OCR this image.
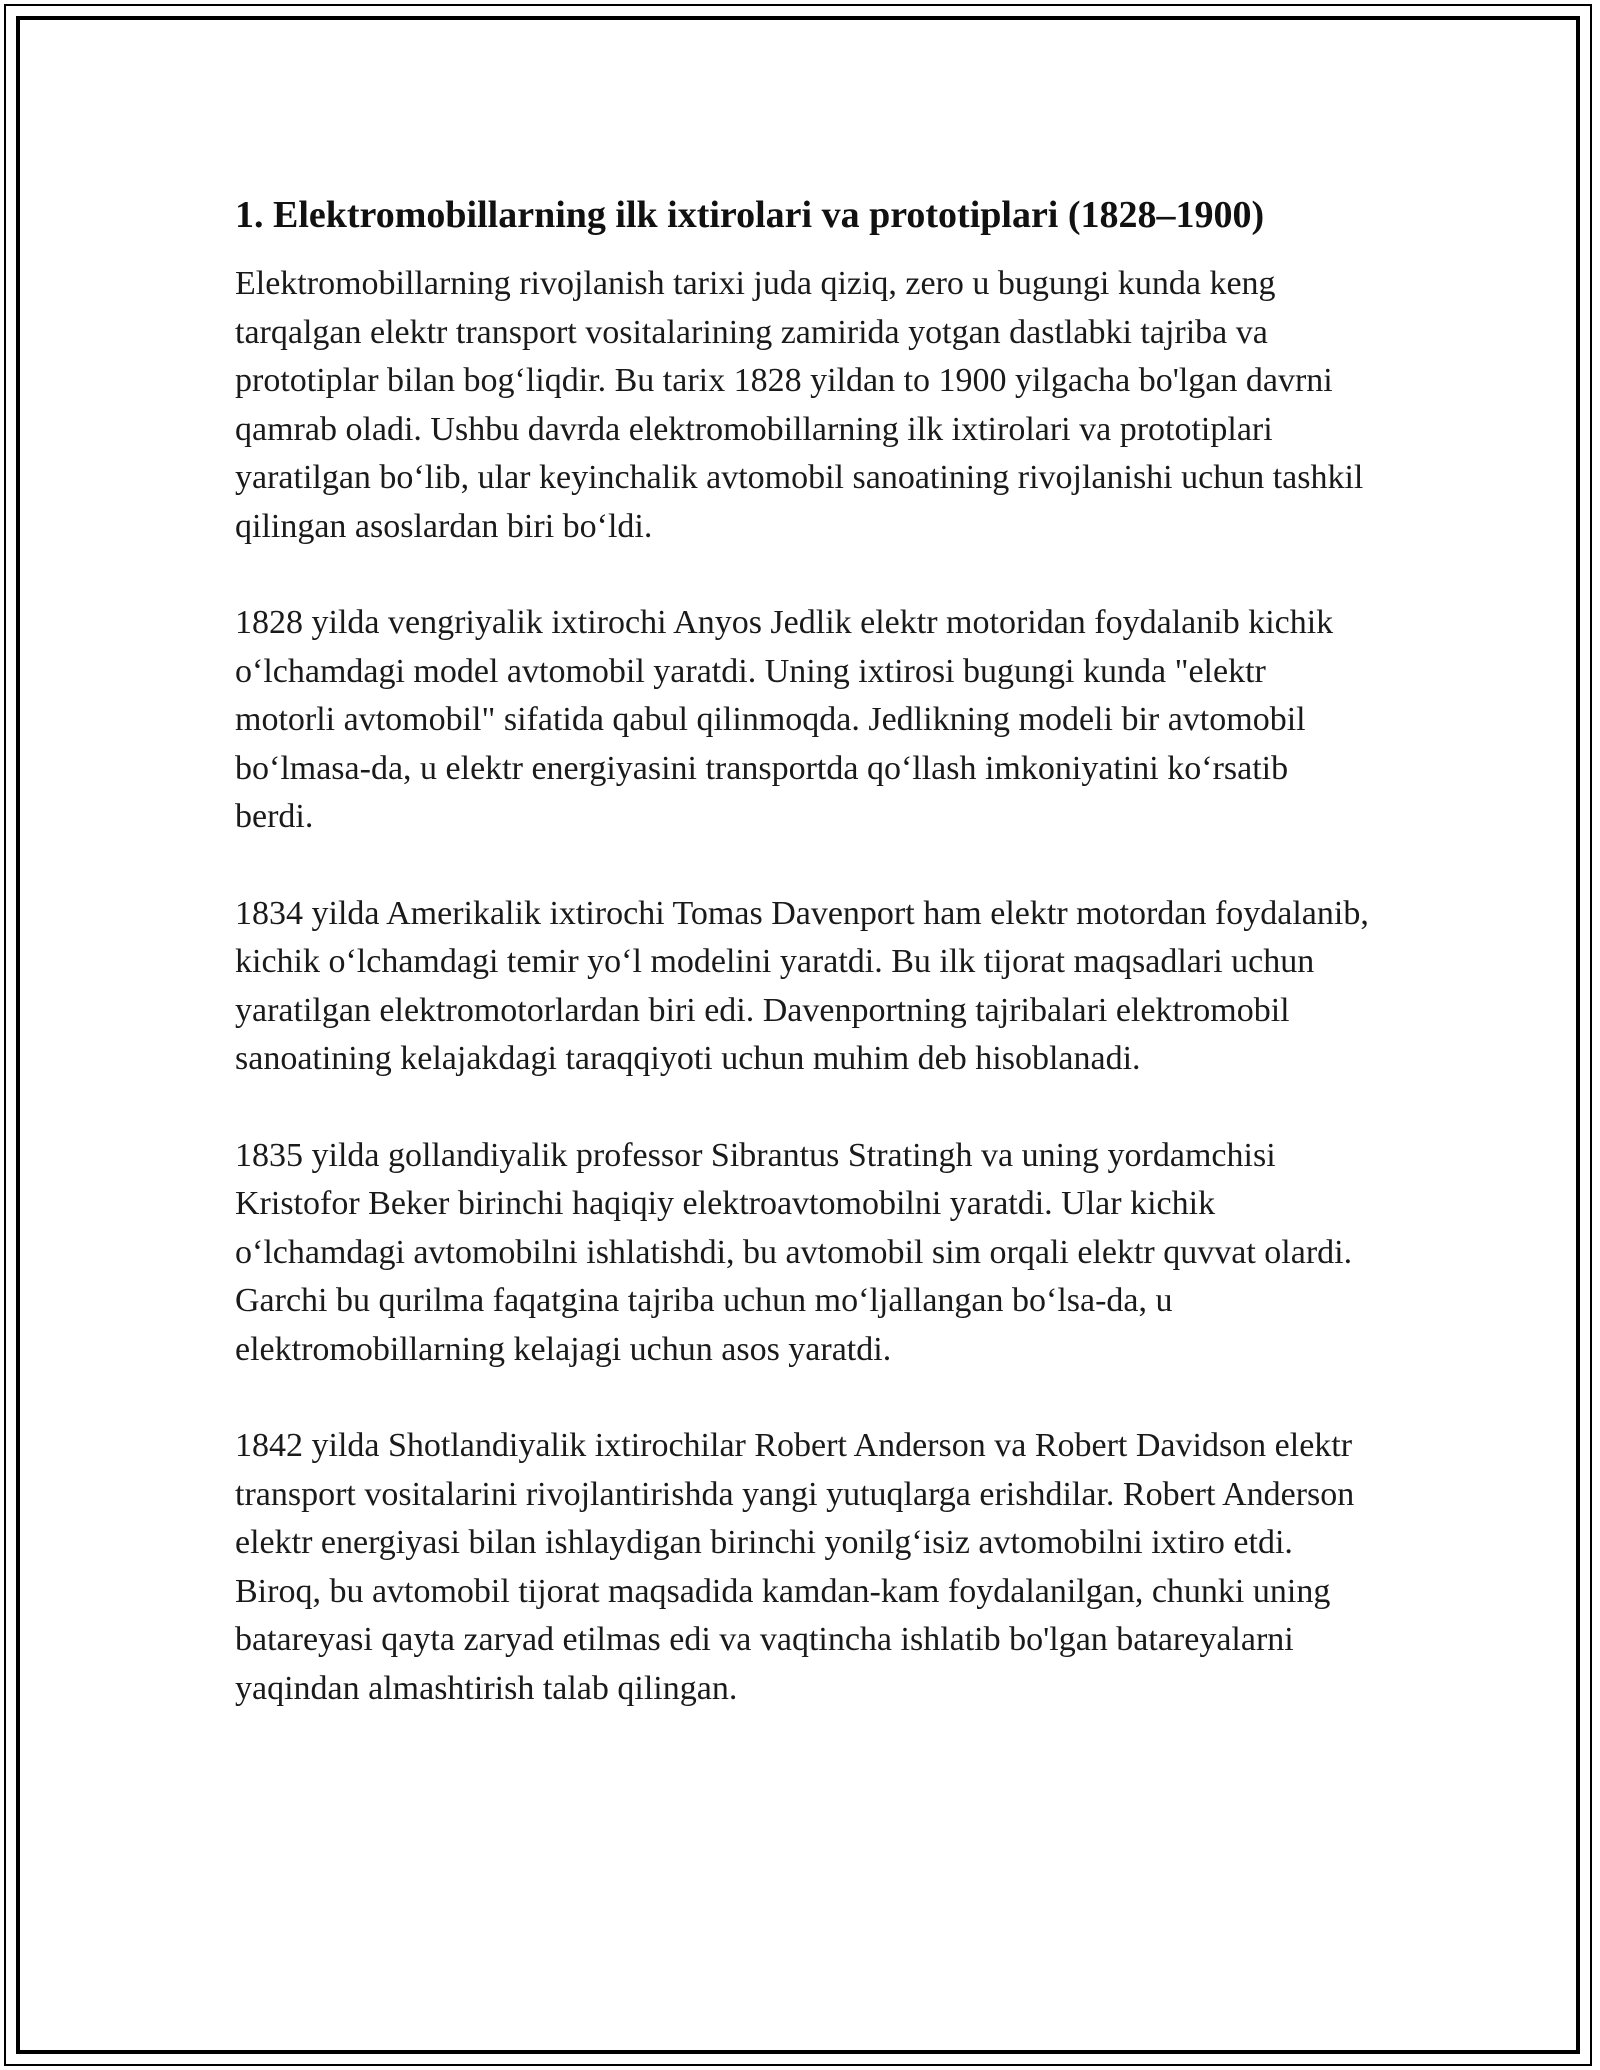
1. Elektromobillarning ilk ixtirolari va prototiplari (1828–1900)

Elektromobillarning rivojlanish tarixi juda qiziq, zero u bugungi kunda keng tarqalgan elektr transport vositalarining zamirida yotgan dastlabki tajriba va prototiplar bilan bog‘liqdir. Bu tarix 1828 yildan to 1900 yilgacha bo'lgan davrni qamrab oladi. Ushbu davrda elektromobillarning ilk ixtirolari va prototiplari yaratilgan bo‘lib, ular keyinchalik avtomobil sanoatining rivojlanishi uchun tashkil qilingan asoslardan biri bo‘ldi.

1828 yilda vengriyalik ixtirochi Anyos Jedlik elektr motoridan foydalanib kichik o‘lchamdagi model avtomobil yaratdi. Uning ixtirosi bugungi kunda "elektr motorli avtomobil" sifatida qabul qilinmoqda. Jedlikning modeli bir avtomobil bo‘lmasa-da, u elektr energiyasini transportda qo‘llash imkoniyatini ko‘rsatib berdi.

1834 yilda Amerikalik ixtirochi Tomas Davenport ham elektr motordan foydalanib, kichik o‘lchamdagi temir yo‘l modelini yaratdi. Bu ilk tijorat maqsadlari uchun yaratilgan elektromotorlardan biri edi. Davenportning tajribalari elektromobil sanoatining kelajakdagi taraqqiyoti uchun muhim deb hisoblanadi.

1835 yilda gollandiyalik professor Sibrantus Stratingh va uning yordamchisi Kristofor Beker birinchi haqiqiy elektroavtomobilni yaratdi. Ular kichik o‘lchamdagi avtomobilni ishlatishdi, bu avtomobil sim orqali elektr quvvat olardi. Garchi bu qurilma faqatgina tajriba uchun mo‘ljallangan bo‘lsa-da, u elektromobillarning kelajagi uchun asos yaratdi.

1842 yilda Shotlandiyalik ixtirochilar Robert Anderson va Robert Davidson elektr transport vositalarini rivojlantirishda yangi yutuqlarga erishdilar. Robert Anderson elektr energiyasi bilan ishlaydigan birinchi yonilg‘isiz avtomobilni ixtiro etdi. Biroq, bu avtomobil tijorat maqsadida kamdan-kam foydalanilgan, chunki uning batareyasi qayta zaryad etilmas edi va vaqtincha ishlatib bo'lgan batareyalarni yaqindan almashtirish talab qilingan.
